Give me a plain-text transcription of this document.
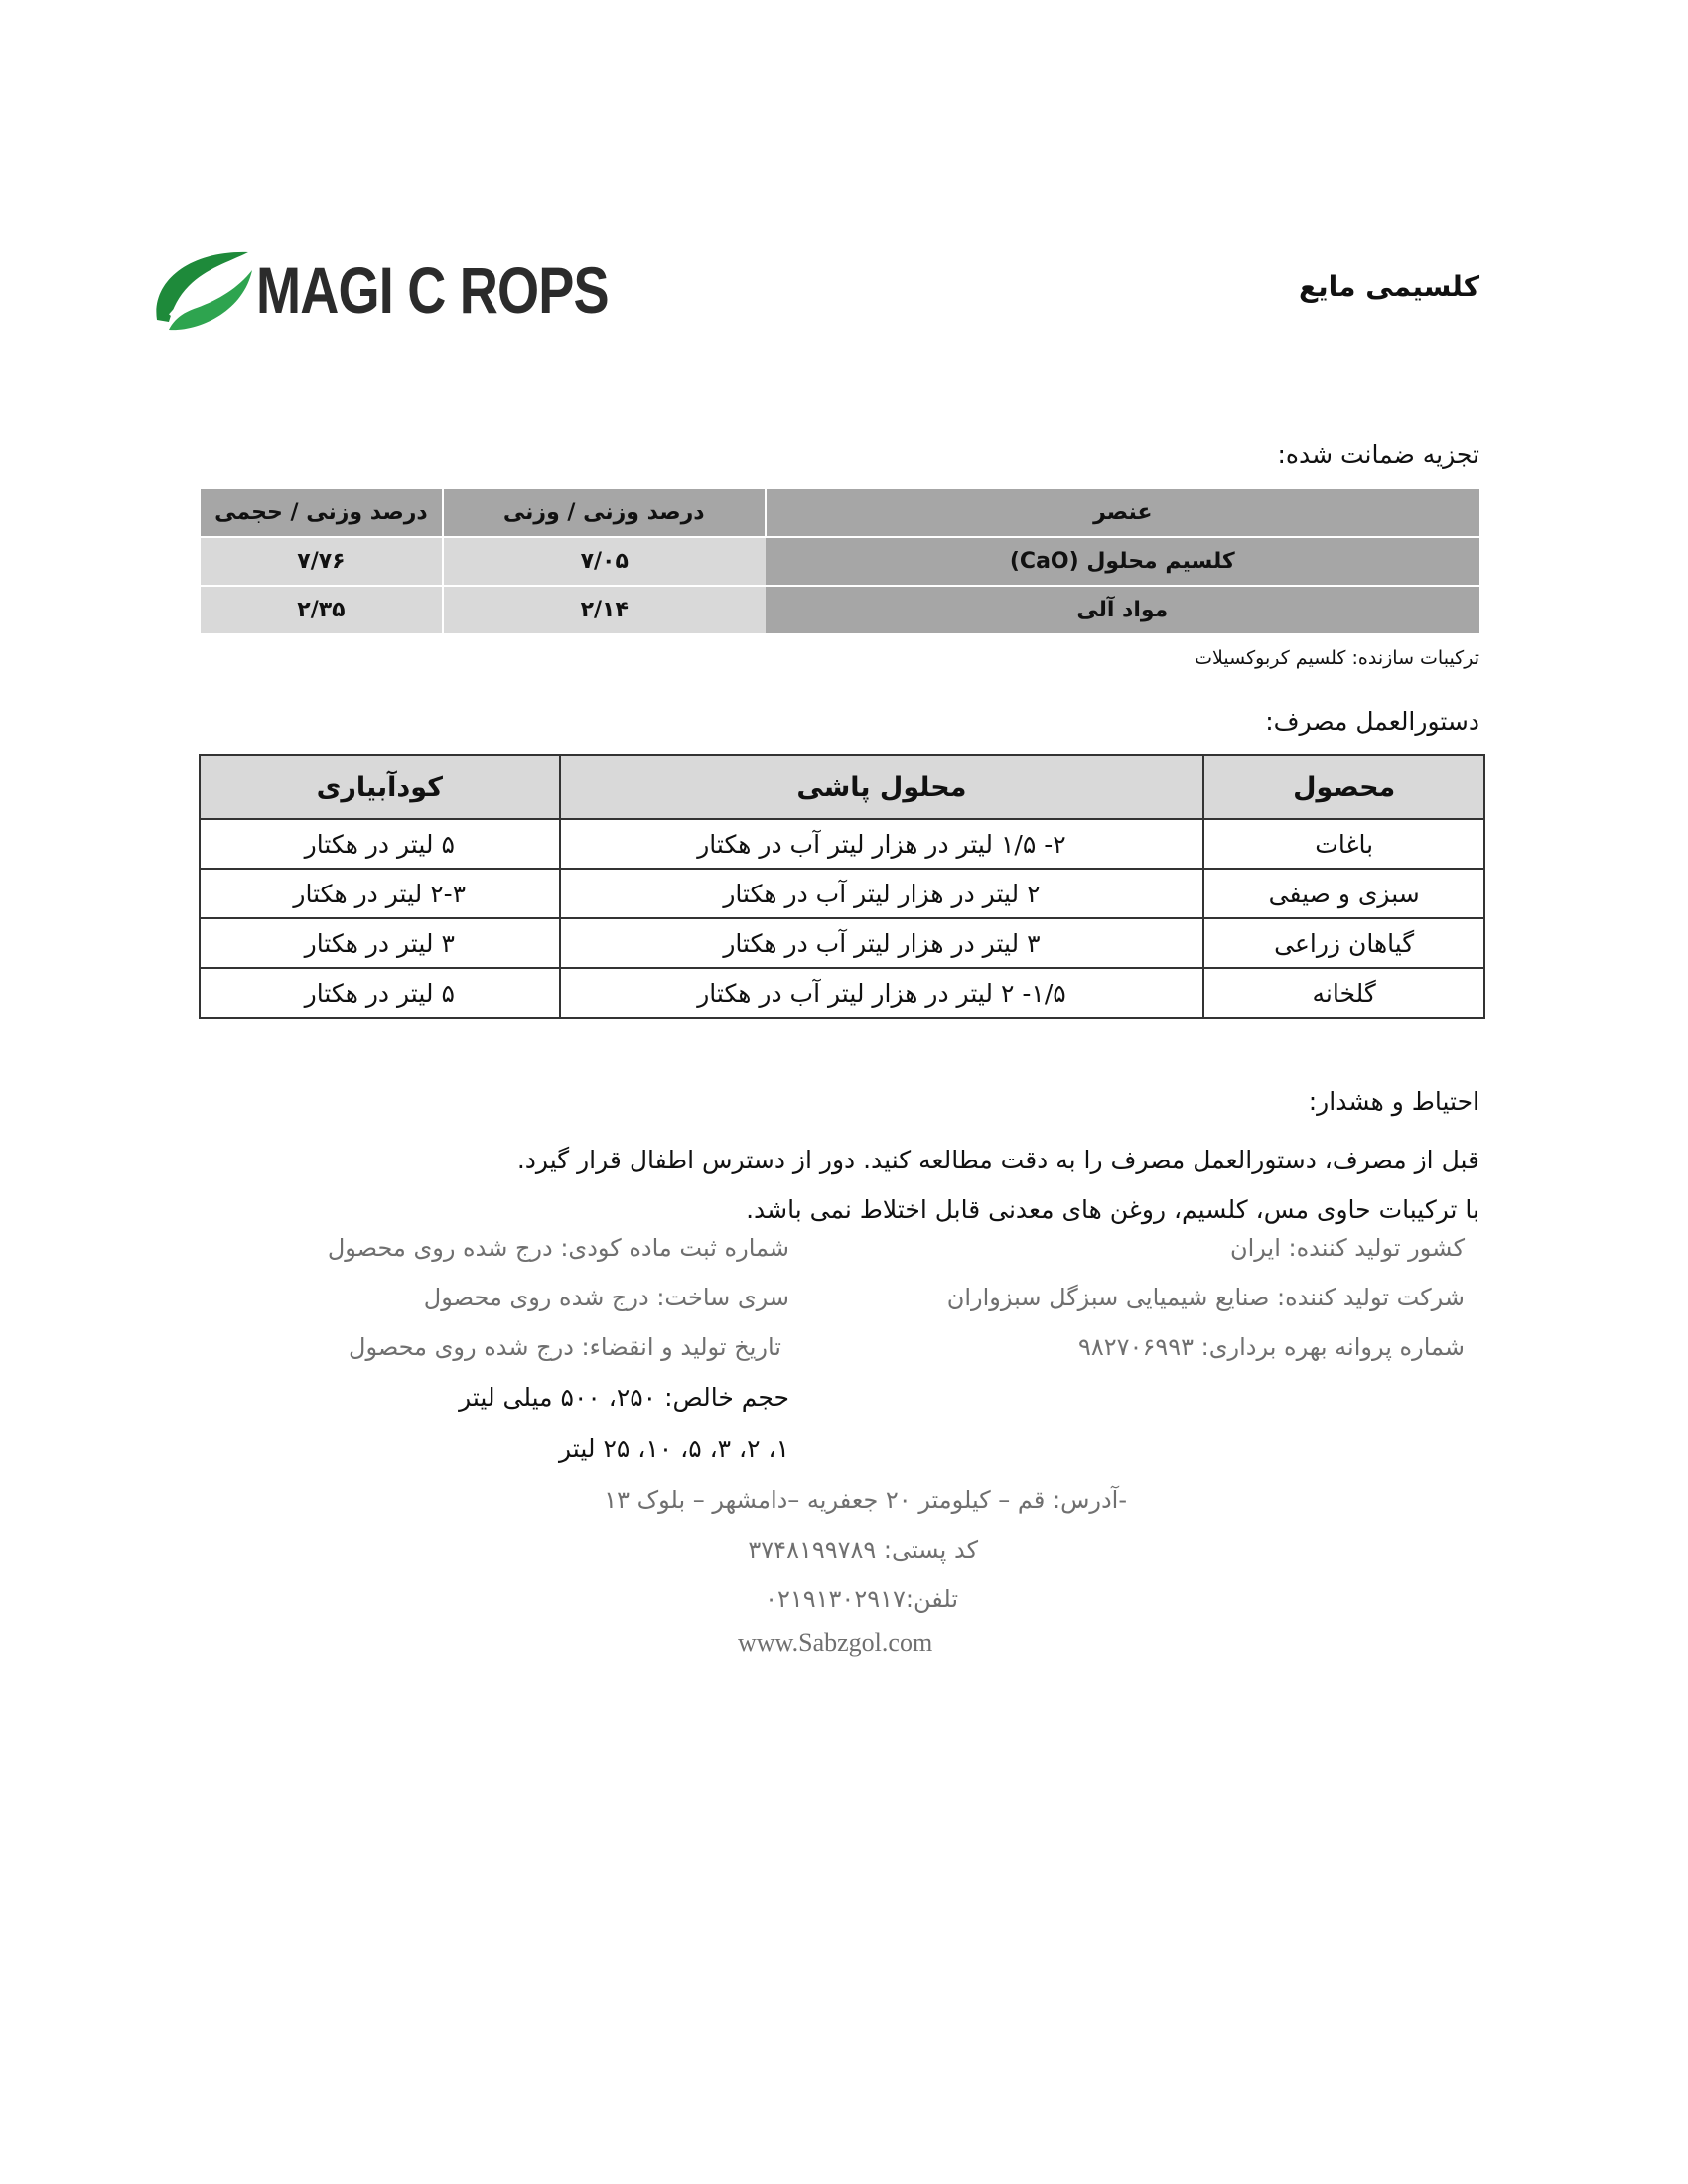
MAGI C ROPS	کلسیمی مایع
تجزیه ضمانت شده:
عنصر	درصد وزنی / وزنی	درصد وزنی / حجمی
کلسیم محلول (CaO)	۷/۰۵	۷/۷۶
مواد آلی	۲/۱۴	۲/۳۵
ترکیبات سازنده: کلسیم کربوکسیلات
دستورالعمل مصرف:
محصول	محلول پاشی	کودآبیاری
باغات	۲- ۱/۵ لیتر در هزار لیتر آب در هکتار	۵ لیتر در هکتار
سبزی و صیفی	۲ لیتر در هزار لیتر آب در هکتار	۲-۳ لیتر در هکتار
گیاهان زراعی	۳ لیتر در هزار لیتر آب در هکتار	۳ لیتر در هکتار
گلخانه	۱/۵- ۲ لیتر در هزار لیتر آب در هکتار	۵ لیتر در هکتار
احتیاط و هشدار:
قبل از مصرف، دستورالعمل مصرف را به دقت مطالعه کنید. دور از دسترس اطفال قرار گیرد.
با ترکیبات حاوی مس، کلسیم، روغن های معدنی قابل اختلاط نمی باشد.
کشور تولید کننده: ایران
شرکت تولید کننده: صنایع شیمیایی سبزگل سبزواران
شماره پروانه بهره برداری: ۹۸۲۷۰۶۹۹۳
شماره ثبت ماده کودی: درج شده روی محصول
سری ساخت: درج شده روی محصول
تاریخ تولید و انقضاء: درج شده روی محصول
حجم خالص: ۲۵۰، ۵۰۰ میلی لیتر
۱، ۲، ۳، ۵، ۱۰، ۲۵ لیتر
-آدرس: قم – کیلومتر ۲۰ جعفریه –دامشهر – بلوک ۱۳
کد پستی: ۳۷۴۸۱۹۹۷۸۹
تلفن:۰۲۱۹۱۳۰۲۹۱۷
www.Sabzgol.com
